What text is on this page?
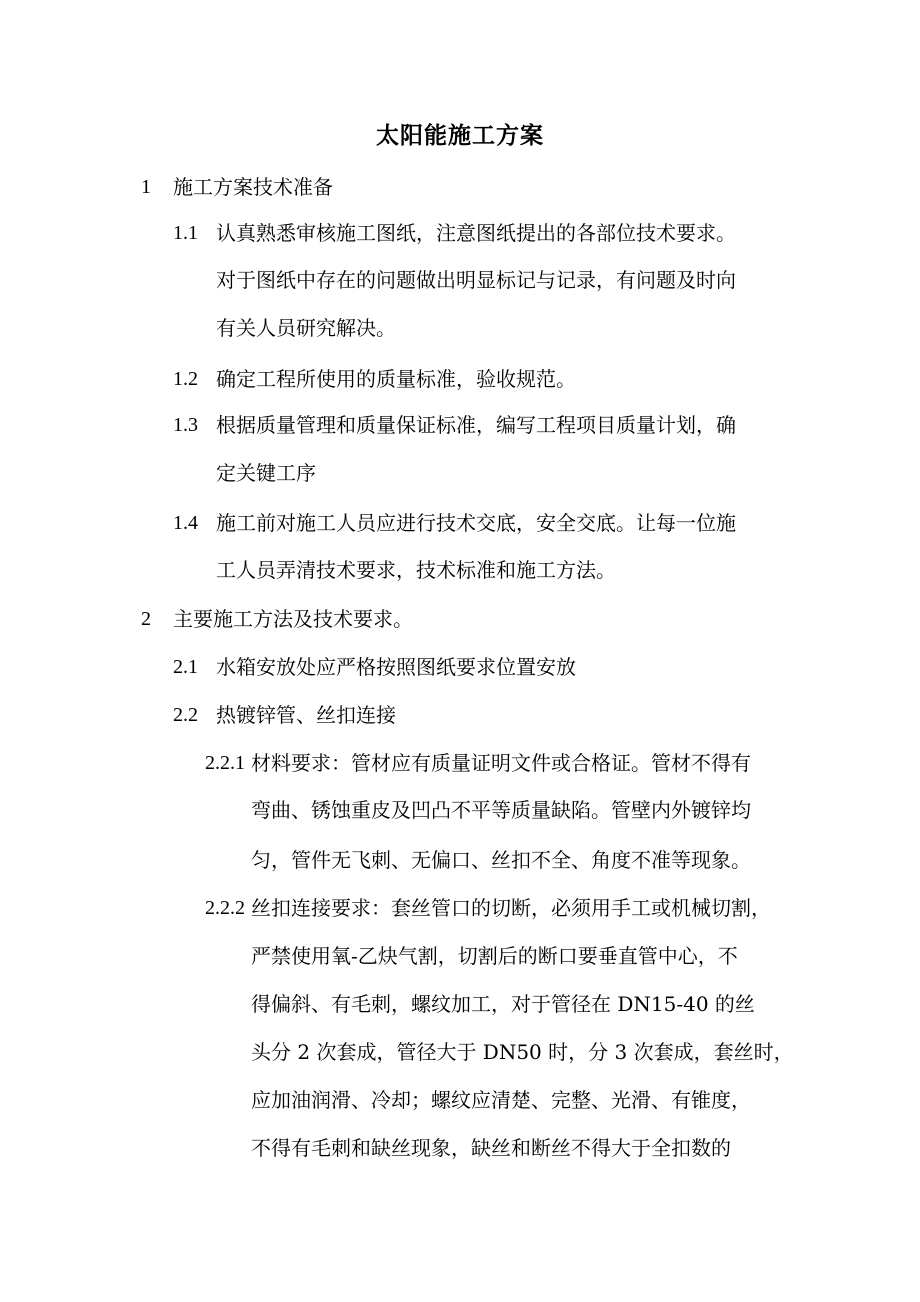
太阳能施工方案
1 施工方案技术准备
1.1 认真熟悉审核施工图纸，注意图纸提出的各部位技术要求。
对于图纸中存在的问题做出明显标记与记录，有问题及时向
有关人员研究解决。
1.2 确定工程所使用的质量标准，验收规范。
1.3 根据质量管理和质量保证标准，编写工程项目质量计划，确
定关键工序
1.4 施工前对施工人员应进行技术交底，安全交底。让每一位施
工人员弄清技术要求，技术标准和施工方法。
2 主要施工方法及技术要求。
2.1 水箱安放处应严格按照图纸要求位置安放
2.2 热镀锌管、丝扣连接
2.2.1 材料要求：管材应有质量证明文件或合格证。管材不得有
弯曲、锈蚀重皮及凹凸不平等质量缺陷。管壁内外镀锌均
匀，管件无飞刺、无偏口、丝扣不全、角度不准等现象。
2.2.2 丝扣连接要求：套丝管口的切断，必须用手工或机械切割，
严禁使用氧-乙炔气割，切割后的断口要垂直管中心，不
得偏斜、有毛刺，螺纹加工，对于管径在 DN15-40 的丝
头分 2 次套成，管径大于 DN50 时，分 3 次套成，套丝时，
应加油润滑、冷却；螺纹应清楚、完整、光滑、有锥度，
不得有毛刺和缺丝现象，缺丝和断丝不得大于全扣数的
